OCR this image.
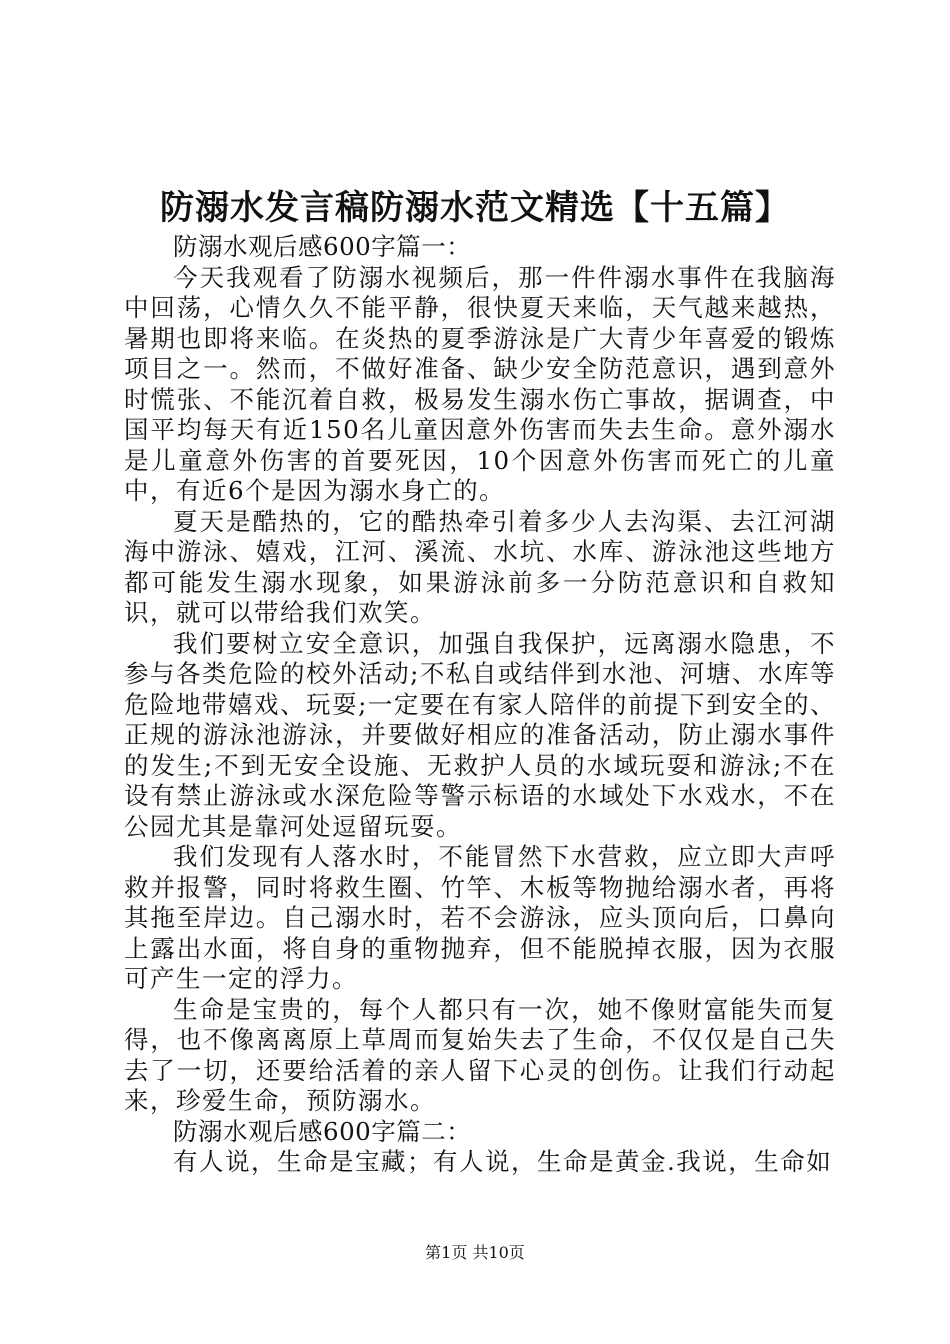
防溺水发言稿防溺水范文精选【十五篇】

防溺水观后感600字篇一：

今天我观看了防溺水视频后，那一件件溺水事件在我脑海中回荡，心情久久不能平静，很快夏天来临，天气越来越热，暑期也即将来临。在炎热的夏季游泳是广大青少年喜爱的锻炼项目之一。然而，不做好准备、缺少安全防范意识，遇到意外时慌张、不能沉着自救，极易发生溺水伤亡事故，据调查，中国平均每天有近150名儿童因意外伤害而失去生命。意外溺水是儿童意外伤害的首要死因，10个因意外伤害而死亡的儿童中，有近6个是因为溺水身亡的。

夏天是酷热的，它的酷热牵引着多少人去沟渠、去江河湖海中游泳、嬉戏，江河、溪流、水坑、水库、游泳池这些地方都可能发生溺水现象，如果游泳前多一分防范意识和自救知识，就可以带给我们欢笑。

我们要树立安全意识，加强自我保护，远离溺水隐患，不参与各类危险的校外活动;不私自或结伴到水池、河塘、水库等危险地带嬉戏、玩耍;一定要在有家人陪伴的前提下到安全的、正规的游泳池游泳，并要做好相应的准备活动，防止溺水事件的发生;不到无安全设施、无救护人员的水域玩耍和游泳;不在设有禁止游泳或水深危险等警示标语的水域处下水戏水，不在公园尤其是靠河处逗留玩耍。

我们发现有人落水时，不能冒然下水营救，应立即大声呼救并报警，同时将救生圈、竹竿、木板等物抛给溺水者，再将其拖至岸边。自己溺水时，若不会游泳，应头顶向后，口鼻向上露出水面，将自身的重物抛弃，但不能脱掉衣服，因为衣服可产生一定的浮力。

生命是宝贵的，每个人都只有一次，她不像财富能失而复得，也不像离离原上草周而复始失去了生命，不仅仅是自己失去了一切，还要给活着的亲人留下心灵的创伤。让我们行动起来，珍爱生命，预防溺水。

防溺水观后感600字篇二：

有人说，生命是宝藏；有人说，生命是黄金.我说，生命如

第1页 共10页
